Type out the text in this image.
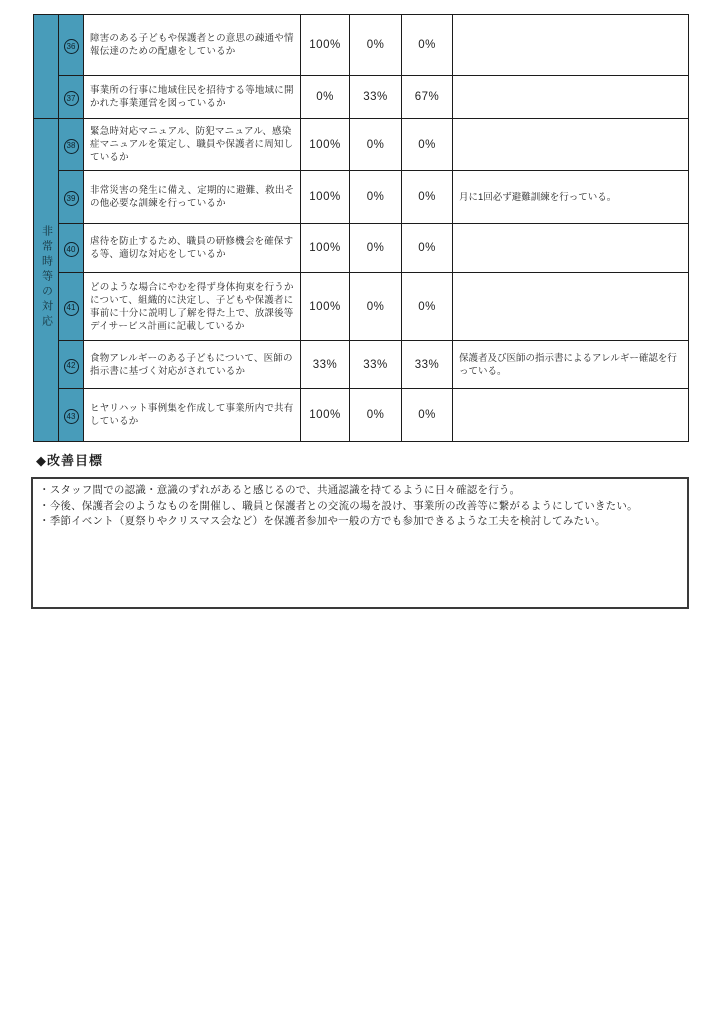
	36	障害のある子どもや保護者との意思の疎通や情報伝達のための配慮をしているか	100%	0%	0%	
	37	事業所の行事に地域住民を招待する等地域に開かれた事業運営を図っているか	0%	33%	67%	
非常時等の対応	38	緊急時対応マニュアル、防犯マニュアル、感染症マニュアルを策定し、職員や保護者に周知しているか	100%	0%	0%	
	39	非常災害の発生に備え、定期的に避難、救出その他必要な訓練を行っているか	100%	0%	0%	月に1回必ず避難訓練を行っている。
	40	虐待を防止するため、職員の研修機会を確保する等、適切な対応をしているか	100%	0%	0%	
	41	どのような場合にやむを得ず身体拘束を行うかについて、組織的に決定し、子どもや保護者に事前に十分に説明し了解を得た上で、放課後等デイサービス計画に記載しているか	100%	0%	0%	
	42	食物アレルギーのある子どもについて、医師の指示書に基づく対応がされているか	33%	33%	33%	保護者及び医師の指示書によるアレルギー確認を行っている。
	43	ヒヤリハット事例集を作成して事業所内で共有しているか	100%	0%	0%	
◆改善目標
・スタッフ間での認識・意識のずれがあると感じるので、共通認識を持てるように日々確認を行う。
・今後、保護者会のようなものを開催し、職員と保護者との交流の場を設け、事業所の改善等に繋がるようにしていきたい。
・季節イベント（夏祭りやクリスマス会など）を保護者参加や一般の方でも参加できるような工夫を検討してみたい。
